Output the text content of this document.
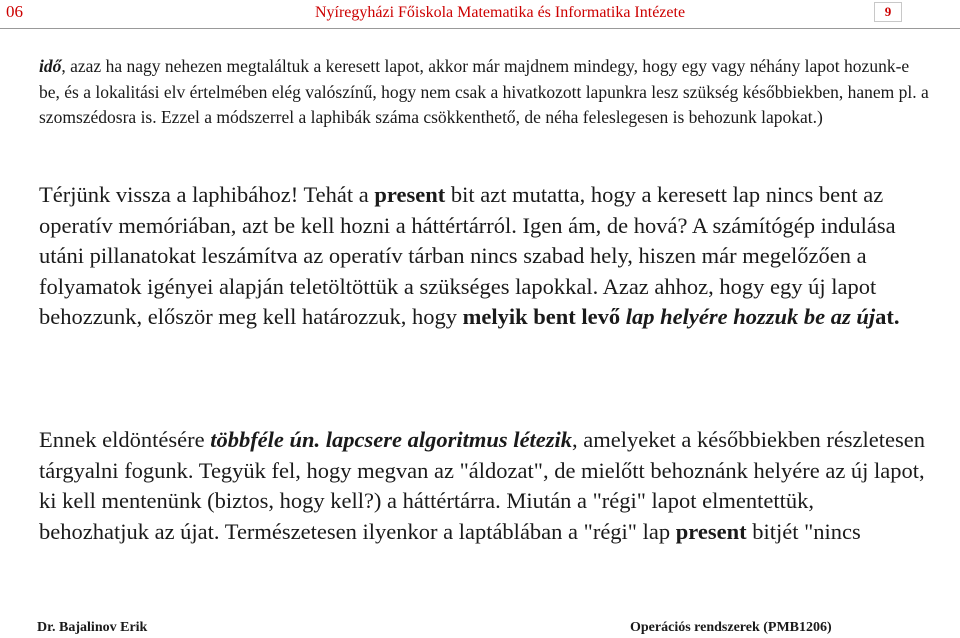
06	Nyíregyházi Főiskola Matematika és Informatika Intézete	9
idő, azaz ha nagy nehezen megtaláltuk a keresett lapot, akkor már majdnem mindegy, hogy egy vagy néhány lapot hozunk-e be, és a lokalitási elv értelmében elég valószínű, hogy nem csak a hivatkozott lapunkra lesz szükség későbbiekben, hanem pl. a szomszédosra is. Ezzel a módszerrel a laphibák száma csökkenthető, de néha feleslegesen is behozunk lapokat.)
Térjünk vissza a laphibához! Tehát a present bit azt mutatta, hogy a keresett lap nincs bent az operatív memóriában, azt be kell hozni a háttértárról. Igen ám, de hová? A számítógép indulása utáni pillanatokat leszámítva az operatív tárban nincs szabad hely, hiszen már megelőzően a folyamatok igényei alapján teletöltöttük a szükséges lapokkal. Azaz ahhoz, hogy egy új lapot behozzunk, először meg kell határozzuk, hogy melyik bent levő lap helyére hozzuk be az újat.
Ennek eldöntésére többféle ún. lapcsere algoritmus létezik, amelyeket a későbbiekben részletesen tárgyalni fogunk. Tegyük fel, hogy megvan az "áldozat", de mielőtt behoznánk helyére az új lapot, ki kell mentenünk (biztos, hogy kell?) a háttértárra. Miután a "régi" lapot elmentettük, behozhatjuk az újat. Természetesen ilyenkor a laptáblában a "régi" lap present bitjét "nincs
Dr. Bajalinov Erik	Operációs rendszerek (PMB1206)
